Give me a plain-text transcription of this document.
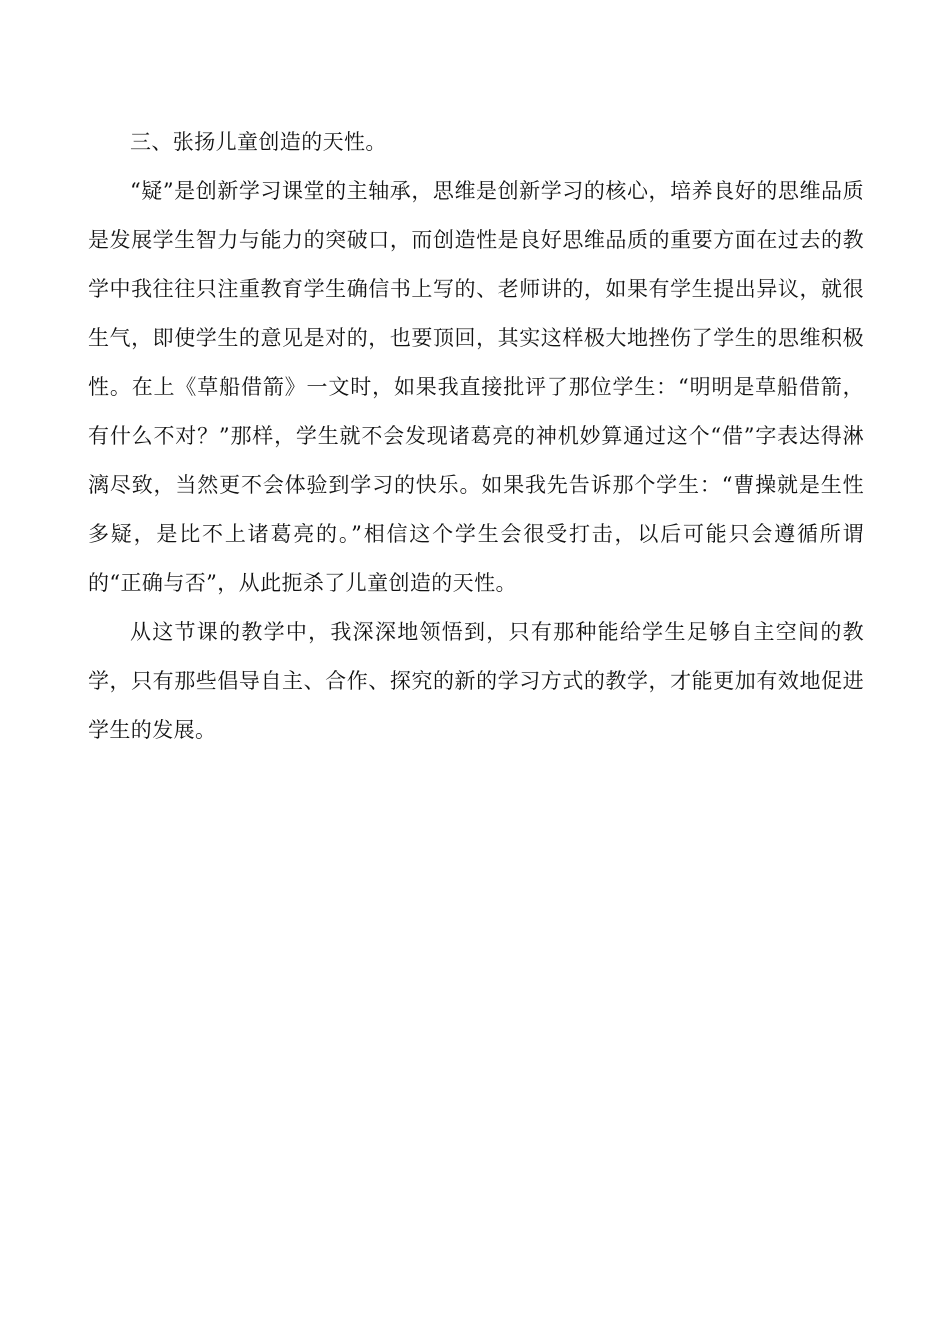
三、张扬儿童创造的天性。

“疑”是创新学习课堂的主轴承，思维是创新学习的核心，培养良好的思维品质是发展学生智力与能力的突破口，而创造性是良好思维品质的重要方面在过去的教学中我往往只注重教育学生确信书上写的、老师讲的，如果有学生提出异议，就很生气，即使学生的意见是对的，也要顶回，其实这样极大地挫伤了学生的思维积极性。在上《草船借箭》一文时，如果我直接批评了那位学生：“明明是草船借箭，有什么不对？”那样，学生就不会发现诸葛亮的神机妙算通过这个“借”字表达得淋漓尽致，当然更不会体验到学习的快乐。如果我先告诉那个学生：“曹操就是生性多疑，是比不上诸葛亮的。”相信这个学生会很受打击，以后可能只会遵循所谓的“正确与否”，从此扼杀了儿童创造的天性。

从这节课的教学中，我深深地领悟到，只有那种能给学生足够自主空间的教学，只有那些倡导自主、合作、探究的新的学习方式的教学，才能更加有效地促进学生的发展。
